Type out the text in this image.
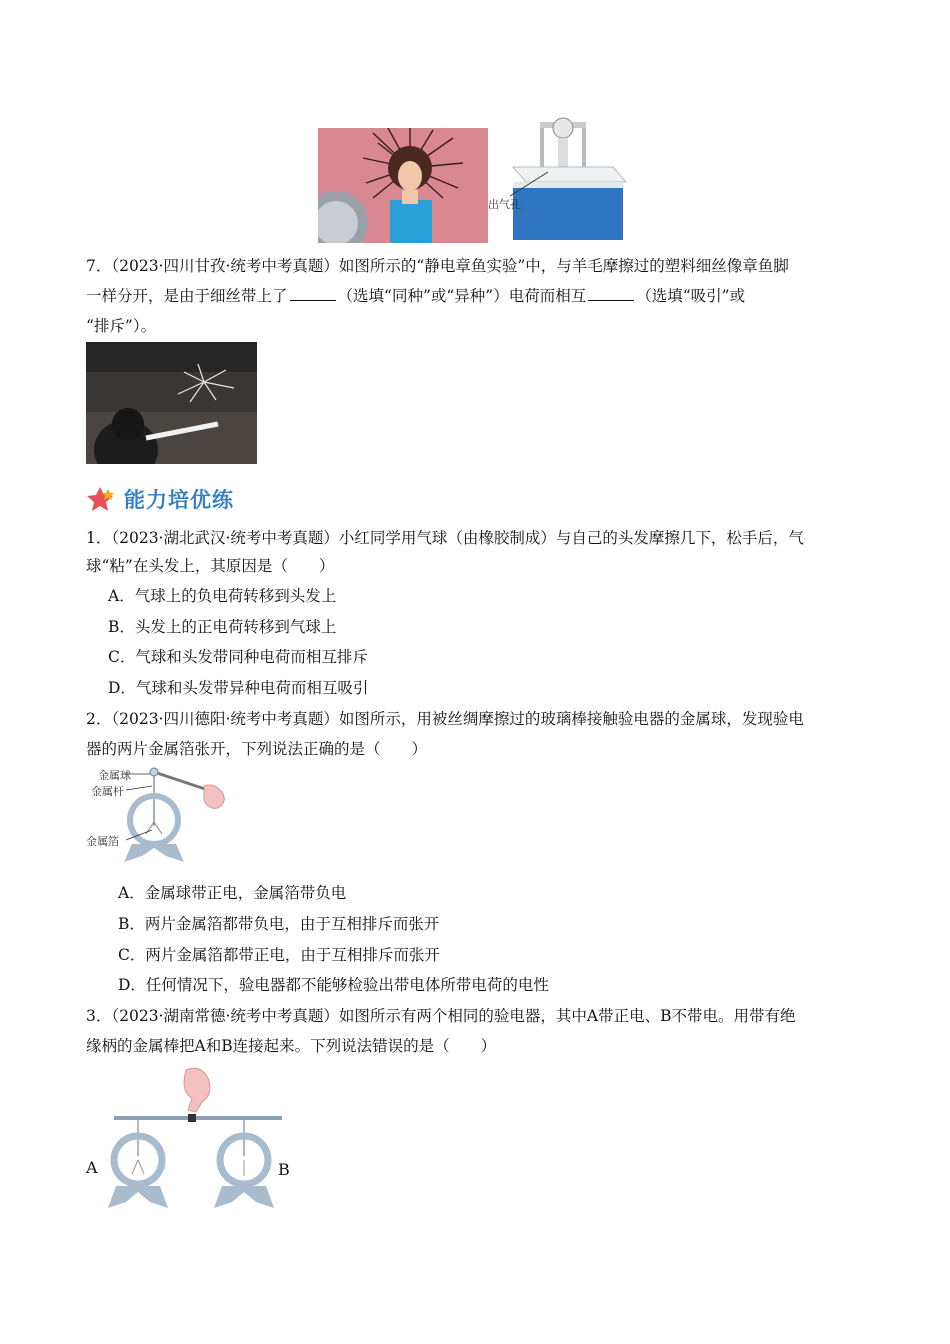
出气孔
7．（2023·四川甘孜·统考中考真题）如图所示的“静电章鱼实验”中，与羊毛摩擦过的塑料细丝像章鱼脚
一样分开，是由于细丝带上了	（选填“同种”或“异种”）电荷而相互	（选填“吸引”或
“排斥”）。
能力培优练
1．（2023·湖北武汉·统考中考真题）小红同学用气球（由橡胶制成）与自己的头发摩擦几下，松手后，气
球“粘”在头发上，其原因是（　　）
A．气球上的负电荷转移到头发上
B．头发上的正电荷转移到气球上
C．气球和头发带同种电荷而相互排斥
D．气球和头发带异种电荷而相互吸引
2．（2023·四川德阳·统考中考真题）如图所示，用被丝绸摩擦过的玻璃棒接触验电器的金属球，发现验电
器的两片金属箔张开，下列说法正确的是（　　）
金属球
金属杆
金属箔
A．金属球带正电，金属箔带负电
B．两片金属箔都带负电，由于互相排斥而张开
C．两片金属箔都带正电，由于互相排斥而张开
D．任何情况下，验电器都不能够检验出带电体所带电荷的电性
3．（2023·湖南常德·统考中考真题）如图所示有两个相同的验电器，其中A带正电、B不带电。用带有绝
缘柄的金属棒把A和B连接起来。下列说法错误的是（　　）
A	B
